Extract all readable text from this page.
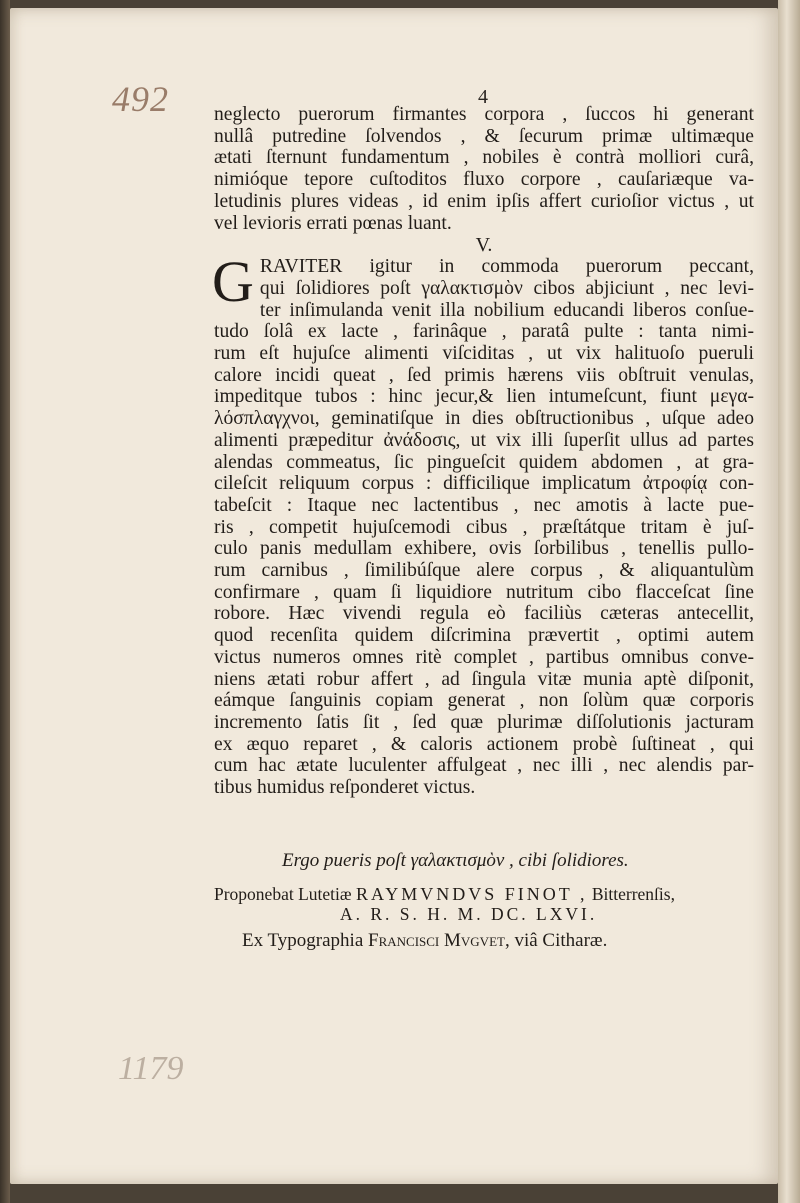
492
1179
4
neglecto puerorum firmantes corpora , ſuccos hi generant
nullâ putredine ſolvendos , & ſecurum primæ ultimæque
ætati ſternunt fundamentum , nobiles è contrà molliori curâ,
nimióque tepore cuſtoditos fluxo corpore , cauſariæque va-
letudinis plures videas , id enim ipſis affert curioſior victus , ut
vel levioris errati pœnas luant.
V.
G RAVITER igitur in commoda puerorum peccant,
qui ſolidiores poſt γαλακτισμὸν cibos abjiciunt , nec levi-
ter inſimulanda venit illa nobilium educandi liberos conſue-
tudo ſolâ ex lacte , farinâque , paratâ pulte : tanta nimi-
rum eſt hujuſce alimenti viſciditas , ut vix halituoſo pueruli
calore incidi queat , ſed primis hærens viis obſtruit venulas,
impeditque tubos : hinc jecur,& lien intumeſcunt, fiunt μεγα-
λόσπλαγχνοι, geminatiſque in dies obſtructionibus , uſque adeo
alimenti præpeditur ἀνάδοσις, ut vix illi ſuperſit ullus ad partes
alendas commeatus, ſic pingueſcit quidem abdomen , at gra-
cileſcit reliquum corpus : difficilique implicatum ἀτροφίᾳ con-
tabeſcit : Itaque nec lactentibus , nec amotis à lacte pue-
ris , competit hujuſcemodi cibus , præſtátque tritam è juſ-
culo panis medullam exhibere, ovis ſorbilibus , tenellis pullo-
rum carnibus , ſimilibúſque alere corpus , & aliquantulùm
confirmare , quam ſi liquidiore nutritum cibo flacceſcat ſine
robore. Hæc vivendi regula eò faciliùs cæteras antecellit,
quod recenſita quidem diſcrimina prævertit , optimi autem
victus numeros omnes ritè complet , partibus omnibus conve-
niens ætati robur affert , ad ſingula vitæ munia aptè diſponit,
eámque ſanguinis copiam generat , non ſolùm quæ corporis
incremento ſatis ſit , ſed quæ plurimæ diſſolutionis jacturam
ex æquo reparet , & caloris actionem probè ſuſtineat , qui
cum hac ætate luculenter affulgeat , nec illi , nec alendis par-
tibus humidus reſponderet victus.
Ergo pueris poſt γαλακτισμὸν , cibi ſolidiores.
Proponebat Lutetiæ RAYMVNDVS FINOT , Bitterrenſis,
A. R. S. H. M. DC. LXVI.
Ex Typographia Francisci Mvgvet, viâ Citharæ.
